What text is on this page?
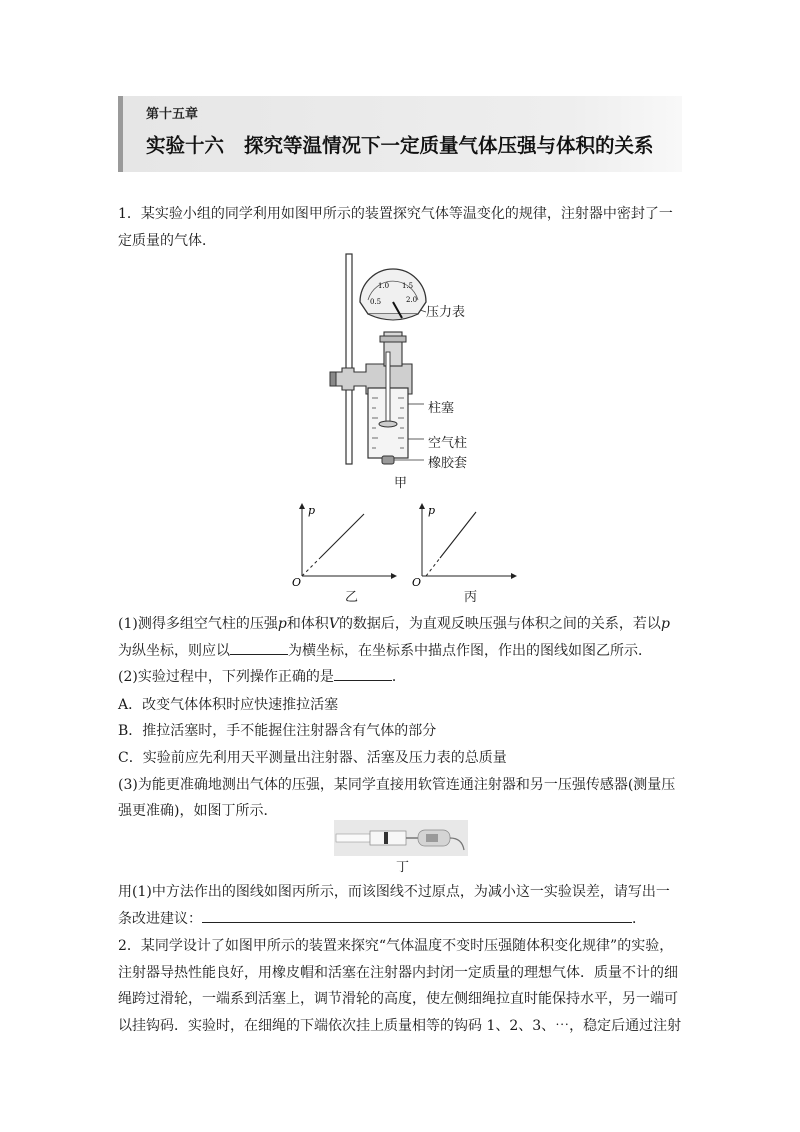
第十五章
实验十六 探究等温情况下一定质量气体压强与体积的关系
1．某实验小组的同学利用如图甲所示的装置探究气体等温变化的规律，注射器中密封了一
定质量的气体．
0.5
1.0 1.5
2.0
压力表
柱塞
空气柱
橡胶套
甲
p
O
乙
p
O
丙
(1)测得多组空气柱的压强p和体积V的数据后，为直观反映压强与体积之间的关系，若以p
为纵坐标，则应以	为横坐标，在坐标系中描点作图，作出的图线如图乙所示．
(2)实验过程中，下列操作正确的是	．
A．改变气体体积时应快速推拉活塞
B．推拉活塞时，手不能握住注射器含有气体的部分
C．实验前应先利用天平测量出注射器、活塞及压力表的总质量
(3)为能更准确地测出气体的压强，某同学直接用软管连通注射器和另一压强传感器(测量压
强更准确)，如图丁所示．
丁
用(1)中方法作出的图线如图丙所示，而该图线不过原点，为减小这一实验误差，请写出一
条改进建议：	．
2．某同学设计了如图甲所示的装置来探究“气体温度不变时压强随体积变化规律”的实验，
注射器导热性能良好，用橡皮帽和活塞在注射器内封闭一定质量的理想气体．质量不计的细
绳跨过滑轮，一端系到活塞上，调节滑轮的高度，使左侧细绳拉直时能保持水平，另一端可
以挂钩码．实验时，在细绳的下端依次挂上质量相等的钩码 1、2、3、⋯，稳定后通过注射
